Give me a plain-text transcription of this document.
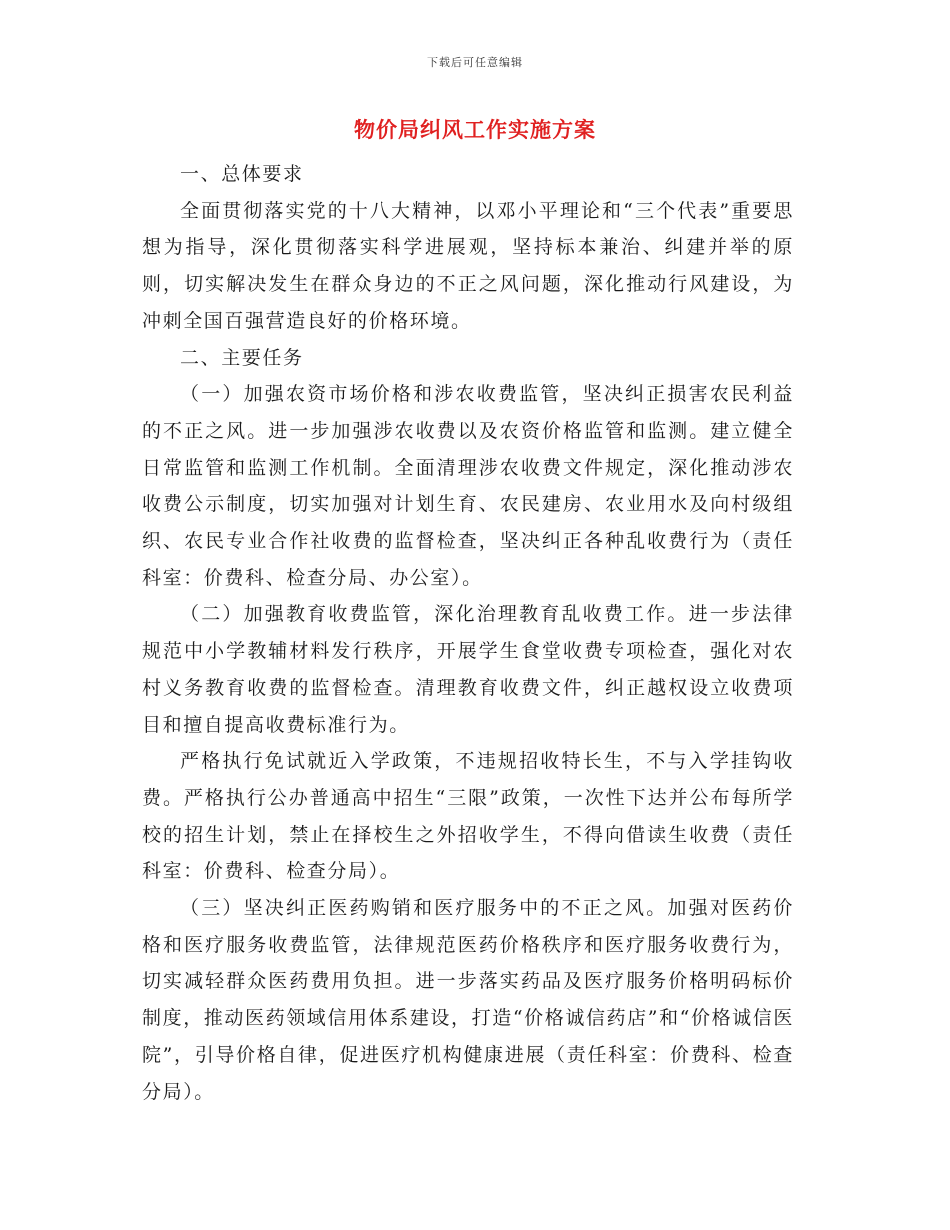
下载后可任意编辑
物价局纠风工作实施方案

一、总体要求

全面贯彻落实党的十八大精神，以邓小平理论和“三个代表”重要思想为指导，深化贯彻落实科学进展观，坚持标本兼治、纠建并举的原则，切实解决发生在群众身边的不正之风问题，深化推动行风建设，为冲刺全国百强营造良好的价格环境。

二、主要任务

（一）加强农资市场价格和涉农收费监管，坚决纠正损害农民利益的不正之风。进一步加强涉农收费以及农资价格监管和监测。建立健全日常监管和监测工作机制。全面清理涉农收费文件规定，深化推动涉农收费公示制度，切实加强对计划生育、农民建房、农业用水及向村级组织、农民专业合作社收费的监督检查，坚决纠正各种乱收费行为（责任科室：价费科、检查分局、办公室）。

（二）加强教育收费监管，深化治理教育乱收费工作。进一步法律规范中小学教辅材料发行秩序，开展学生食堂收费专项检查，强化对农村义务教育收费的监督检查。清理教育收费文件，纠正越权设立收费项目和擅自提高收费标准行为。

严格执行免试就近入学政策，不违规招收特长生，不与入学挂钩收费。严格执行公办普通高中招生“三限”政策，一次性下达并公布每所学校的招生计划，禁止在择校生之外招收学生，不得向借读生收费（责任科室：价费科、检查分局）。

（三）坚决纠正医药购销和医疗服务中的不正之风。加强对医药价格和医疗服务收费监管，法律规范医药价格秩序和医疗服务收费行为，切实减轻群众医药费用负担。进一步落实药品及医疗服务价格明码标价制度，推动医药领域信用体系建设，打造“价格诚信药店”和“价格诚信医院”，引导价格自律，促进医疗机构健康进展（责任科室：价费科、检查分局）。
